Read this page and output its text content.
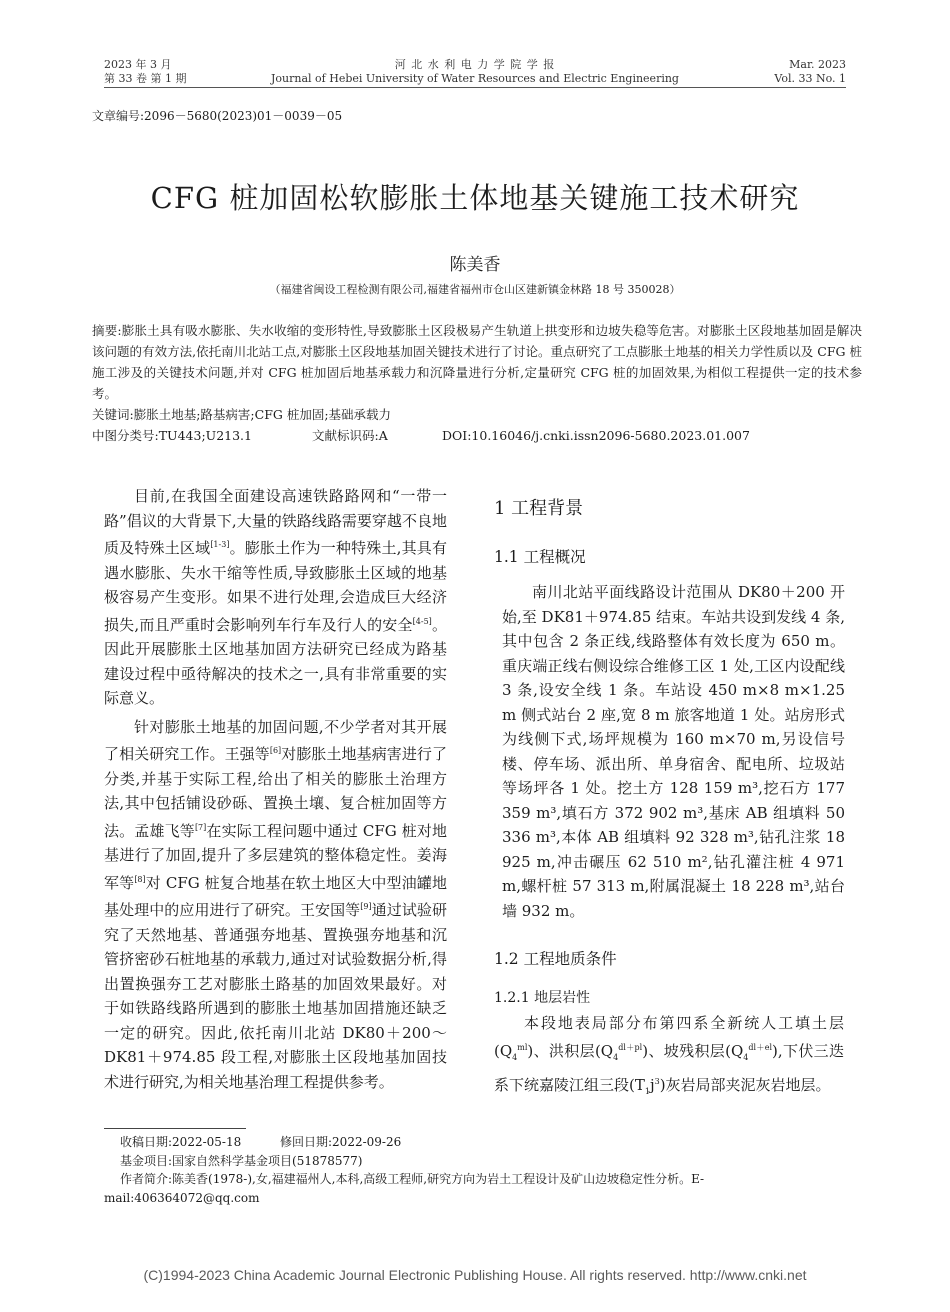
2023 年 3 月
第 33 卷 第 1 期
河 北 水 利 电 力 学 院 学 报
Journal of Hebei University of Water Resources and Electric Engineering
Mar. 2023
Vol. 33 No. 1
文章编号:2096－5680(2023)01－0039－05
CFG 桩加固松软膨胀土体地基关键施工技术研究
陈美香
（福建省闽设工程检测有限公司,福建省福州市仓山区建新镇金林路 18 号 350028）

摘要:膨胀土具有吸水膨胀、失水收缩的变形特性,导致膨胀土区段极易产生轨道上拱变形和边坡失稳等危害。对膨胀土区段地基加固是解决该问题的有效方法,依托南川北站工点,对膨胀土区段地基加固关键技术进行了讨论。重点研究了工点膨胀土地基的相关力学性质以及 CFG 桩施工涉及的关键技术问题,并对 CFG 桩加固后地基承载力和沉降量进行分析,定量研究 CFG 桩的加固效果,为相似工程提供一定的技术参考。

关键词:膨胀土地基;路基病害;CFG 桩加固;基础承载力

中图分类号:TU443;U213.1	文献标识码:A	DOI:10.16046/j.cnki.issn2096-5680.2023.01.007

目前,在我国全面建设高速铁路路网和“一带一路”倡议的大背景下,大量的铁路线路需要穿越不良地质及特殊土区域[1-3]。膨胀土作为一种特殊土,其具有遇水膨胀、失水干缩等性质,导致膨胀土区域的地基极容易产生变形。如果不进行处理,会造成巨大经济损失,而且严重时会影响列车行车及行人的安全[4-5]。因此开展膨胀土区地基加固方法研究已经成为路基建设过程中亟待解决的技术之一,具有非常重要的实际意义。

针对膨胀土地基的加固问题,不少学者对其开展了相关研究工作。王强等[6]对膨胀土地基病害进行了分类,并基于实际工程,给出了相关的膨胀土治理方法,其中包括铺设砂砾、置换土壤、复合桩加固等方法。孟雄飞等[7]在实际工程问题中通过 CFG 桩对地基进行了加固,提升了多层建筑的整体稳定性。姜海军等[8]对 CFG 桩复合地基在软土地区大中型油罐地基处理中的应用进行了研究。王安国等[9]通过试验研究了天然地基、普通强夯地基、置换强夯地基和沉管挤密砂石桩地基的承载力,通过对试验数据分析,得出置换强夯工艺对膨胀土路基的加固效果最好。对于如铁路线路所遇到的膨胀土地基加固措施还缺乏一定的研究。因此,依托南川北站 DK80＋200～DK81＋974.85 段工程,对膨胀土区段地基加固技术进行研究,为相关地基治理工程提供参考。

1 工程背景
1.1 工程概况

南川北站平面线路设计范围从 DK80＋200 开始,至 DK81＋974.85 结束。车站共设到发线 4 条,其中包含 2 条正线,线路整体有效长度为 650 m。重庆端正线右侧设综合维修工区 1 处,工区内设配线 3 条,设安全线 1 条。车站设 450 m×8 m×1.25 m 侧式站台 2 座,宽 8 m 旅客地道 1 处。站房形式为线侧下式,场坪规模为 160 m×70 m,另设信号楼、停车场、派出所、单身宿舍、配电所、垃圾站等场坪各 1 处。挖土方 128 159 m³,挖石方 177 359 m³,填石方 372 902 m³,基床 AB 组填料 50 336 m³,本体 AB 组填料 92 328 m³,钻孔注浆 18 925 m,冲击碾压 62 510 m²,钻孔灌注桩 4 971 m,螺杆桩 57 313 m,附属混凝土 18 228 m³,站台墙 932 m。

1.2 工程地质条件
1.2.1 地层岩性

本段地表局部分布第四系全新统人工填土层$(Q_4^{ml})$、洪积层$(Q_4^{dl+pl})$、坡残积层$(Q_4^{dl+el})$,下伏三迭系下统嘉陵江组三段$(T_1j^3)$灰岩局部夹泥灰岩地层。

收稿日期:2022-05-18	修回日期:2022-09-26

基金项目:国家自然科学基金项目(51878577)

作者简介:陈美香(1978-),女,福建福州人,本科,高级工程师,研究方向为岩土工程设计及矿山边坡稳定性分析。E-mail:406364072@qq.com

(C)1994-2023 China Academic Journal Electronic Publishing House. All rights reserved. http://www.cnki.net
